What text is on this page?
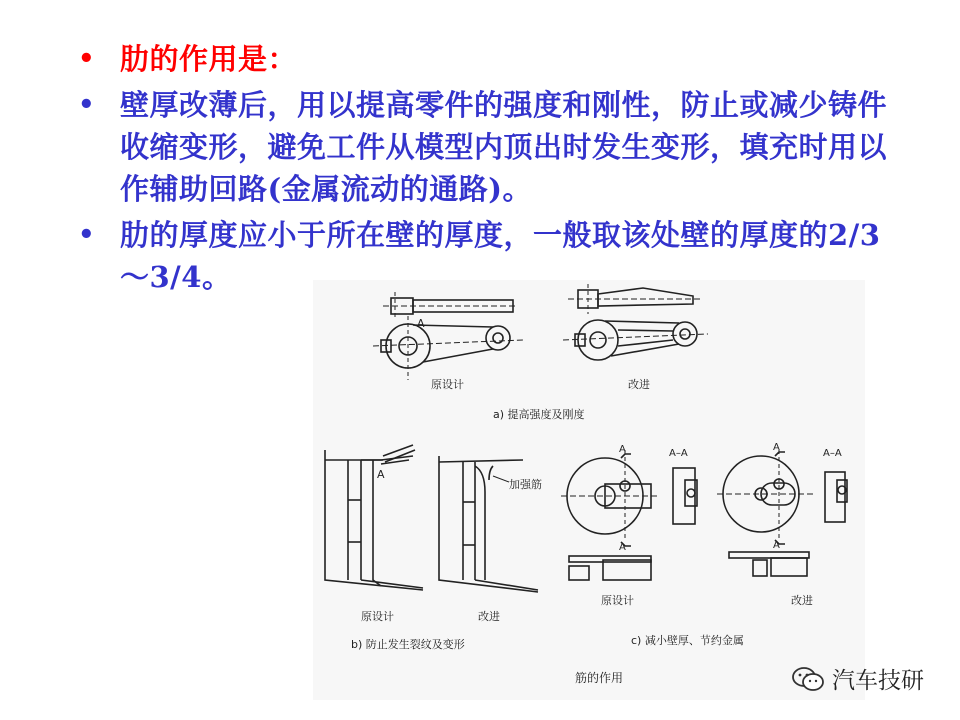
• 肋的作用是：
• 壁厚改薄后，用以提高零件的强度和刚性，防止或减少铸件收缩变形，避免工件从模型内顶出时发生变形，填充时用以作辅助回路(金属流动的通路)。
• 肋的厚度应小于所在壁的厚度，一般取该处壁的厚度的2/3～3/4。
A
原设计	改进
a) 提高强度及刚度
A
原设计
加强筋
改进
b) 防止发生裂纹及变形
A
A
A–A
原设计
A
A
A–A
改进
c) 减小壁厚、节约金属
筋的作用	汽车技研
